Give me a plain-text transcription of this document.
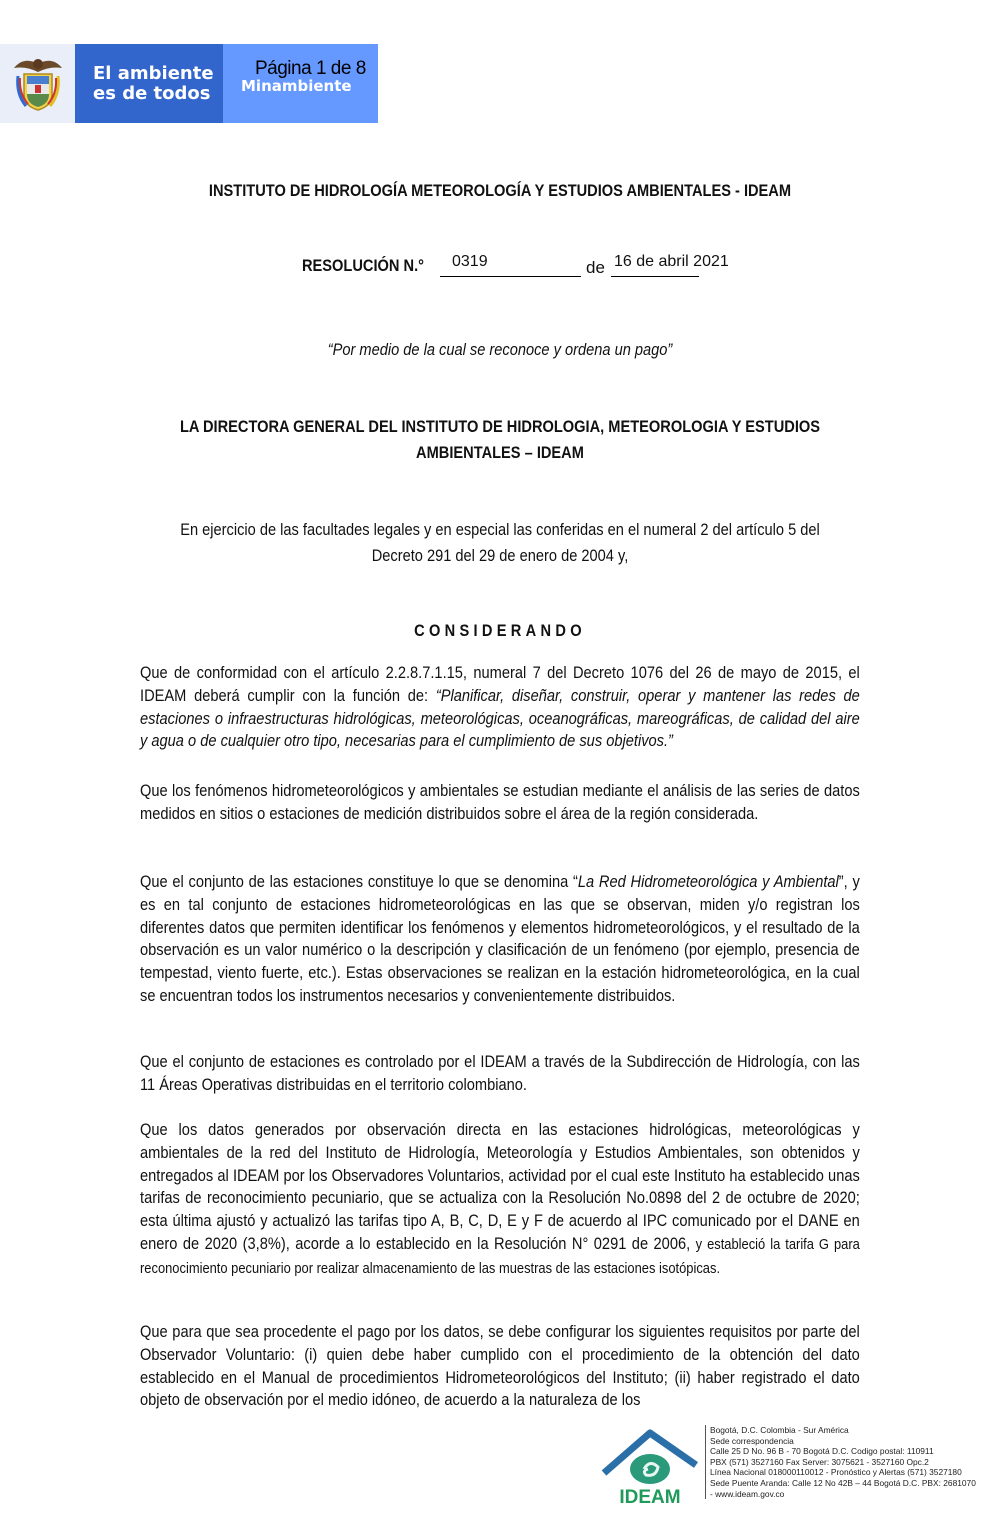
El ambiente
es de todos	Minambiente
Página 1 de 8
INSTITUTO DE HIDROLOGÍA METEOROLOGÍA Y ESTUDIOS AMBIENTALES - IDEAM
RESOLUCIÓN N.°	0319	de 16 de abril 2021
“Por medio de la cual se reconoce y ordena un pago”
LA DIRECTORA GENERAL DEL INSTITUTO DE HIDROLOGIA, METEOROLOGIA Y ESTUDIOS
AMBIENTALES – IDEAM
En ejercicio de las facultades legales y en especial las conferidas en el numeral 2 del artículo 5 del
Decreto 291 del 29 de enero de 2004 y,
CONSIDERANDO
Que de conformidad con el artículo 2.2.8.7.1.15, numeral 7 del Decreto 1076 del 26 de mayo de 2015, el IDEAM deberá cumplir con la función de: “Planificar, diseñar, construir, operar y mantener las redes de estaciones o infraestructuras hidrológicas, meteorológicas, oceanográficas, mareográficas, de calidad del aire y agua o de cualquier otro tipo, necesarias para el cumplimiento de sus objetivos.”
Que los fenómenos hidrometeorológicos y ambientales se estudian mediante el análisis de las series de datos medidos en sitios o estaciones de medición distribuidos sobre el área de la región considerada.
Que el conjunto de las estaciones constituye lo que se denomina “La Red Hidrometeorológica y Ambiental”, y es en tal conjunto de estaciones hidrometeorológicas en las que se observan, miden y/o registran los diferentes datos que permiten identificar los fenómenos y elementos hidrometeorológicos, y el resultado de la observación es un valor numérico o la descripción y clasificación de un fenómeno (por ejemplo, presencia de tempestad, viento fuerte, etc.). Estas observaciones se realizan en la estación hidrometeorológica, en la cual se encuentran todos los instrumentos necesarios y convenientemente distribuidos.
Que el conjunto de estaciones es controlado por el IDEAM a través de la Subdirección de Hidrología, con las 11 Áreas Operativas distribuidas en el territorio colombiano.
Que los datos generados por observación directa en las estaciones hidrológicas, meteorológicas y ambientales de la red del Instituto de Hidrología, Meteorología y Estudios Ambientales, son obtenidos y entregados al IDEAM por los Observadores Voluntarios, actividad por el cual este Instituto ha establecido unas tarifas de reconocimiento pecuniario, que se actualiza con la Resolución No.0898 del 2 de octubre de 2020; esta última ajustó y actualizó las tarifas tipo A, B, C, D, E y F de acuerdo al IPC comunicado por el DANE en enero de 2020 (3,8%), acorde a lo establecido en la Resolución N° 0291 de 2006, y estableció la tarifa G para reconocimiento pecuniario por realizar almacenamiento de las muestras de las estaciones isotópicas.
Que para que sea procedente el pago por los datos, se debe configurar los siguientes requisitos por parte del Observador Voluntario: (i) quien debe haber cumplido con el procedimiento de la obtención del dato establecido en el Manual de procedimientos Hidrometeorológicos del Instituto; (ii) haber registrado el dato objeto de observación por el medio idóneo, de acuerdo a la naturaleza de los
IDEAM
Bogotá, D.C. Colombia - Sur América
Sede correspondencia
Calle 25 D No. 96 B - 70 Bogotá D.C. Codigo postal: 110911
PBX (571) 3527160 Fax Server: 3075621 - 3527160 Opc.2
Línea Nacional 018000110012 - Pronóstico y Alertas (571) 3527180
Sede Puente Aranda: Calle 12 No 42B – 44 Bogotá D.C. PBX: 2681070
- www.ideam.gov.co
